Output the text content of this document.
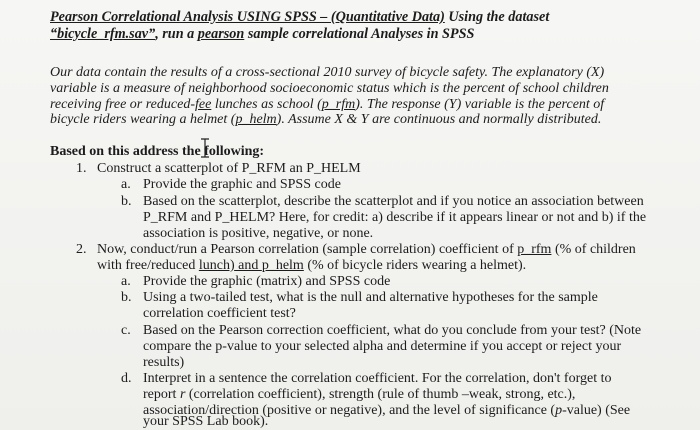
Pearson Correlational Analysis USING SPSS – (Quantitative Data) Using the dataset
“bicycle_rfm.sav”, run a pearson sample correlational Analyses in SPSS
Our data contain the results of a cross-sectional 2010 survey of bicycle safety. The explanatory (X)
variable is a measure of neighborhood socioeconomic status which is the percent of school children
receiving free or reduced-fee lunches as school (p_rfm). The response (Y) variable is the percent of
bicycle riders wearing a helmet (p_helm). Assume X & Y are continuous and normally distributed.
Based on this address the following:
1. Construct a scatterplot of P_RFM an P_HELM
a. Provide the graphic and SPSS code
b. Based on the scatterplot, describe the scatterplot and if you notice an association between
P_RFM and P_HELM? Here, for credit: a) describe if it appears linear or not and b) if the
association is positive, negative, or none.
2. Now, conduct/run a Pearson correlation (sample correlation) coefficient of p_rfm (% of children
with free/reduced lunch) and p_helm (% of bicycle riders wearing a helmet).
a. Provide the graphic (matrix) and SPSS code
b. Using a two-tailed test, what is the null and alternative hypotheses for the sample
correlation coefficient test?
c. Based on the Pearson correction coefficient, what do you conclude from your test? (Note
compare the p-value to your selected alpha and determine if you accept or reject your
results)
d. Interpret in a sentence the correlation coefficient. For the correlation, don't forget to
report r (correlation coefficient), strength (rule of thumb –weak, strong, etc.),
association/direction (positive or negative), and the level of significance (p-value) (See
your SPSS Lab book).
